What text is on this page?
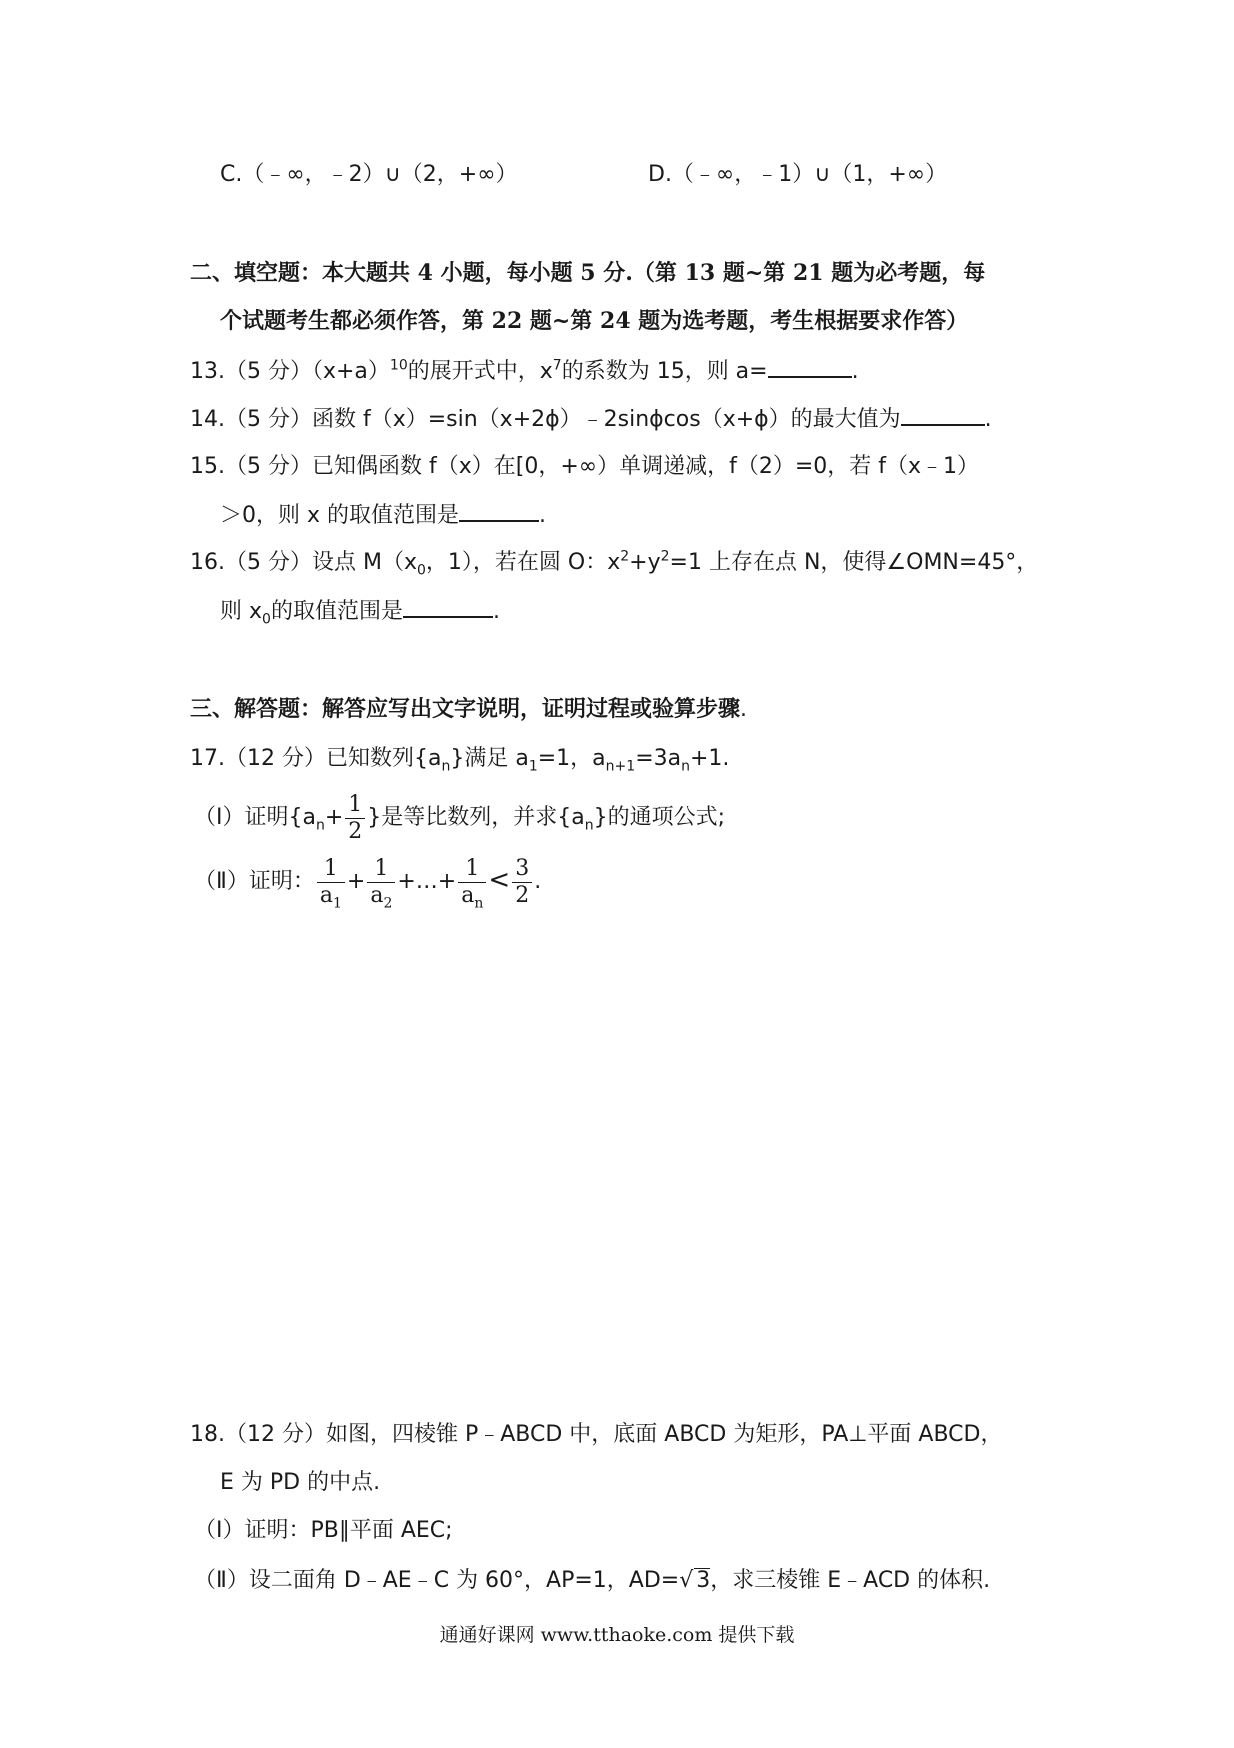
C.（﹣∞，﹣2）∪（2，+∞）	D.（﹣∞，﹣1）∪（1，+∞）
二、填空题：本大题共 4 小题，每小题 5 分.（第 13 题~第 21 题为必考题，每
个试题考生都必须作答，第 22 题~第 24 题为选考题，考生根据要求作答）
13.（5 分）$(x+a)^{10}$的展开式中，$x^7$的系数为 15，则 a=	.
14.（5 分）函数 f（x）=sin（x+2ϕ）﹣2sinϕcos（x+ϕ）的最大值为	.
15.（5 分）已知偶函数 f（x）在[0，+∞）单调递减，f（2）=0，若 f（x﹣1）
＞0，则 x 的取值范围是	.
16.（5 分）设点 $M(x_0$，1），若在圆 O：$x^2+y^2=1$ 上存在点 N，使得∠OMN=45°，
则 $x_0$的取值范围是	.
三、解答题：解答应写出文字说明，证明过程或验算步骤.
17.（12 分）已知数列$\{a_n\}$满足 $a_1=1$，$a_{n+1}=3a_n+1$.
（Ⅰ）证明{$a_n+ \frac{1}{2}$ }是等比数列，并求$\{a_n\}$的通项公式;
（Ⅱ）证明： $\frac{1}{a_1} + \frac{1}{a_2}$ +…+ $\frac{1}{a_n} < \frac{3}{2}$ .
18.（12 分）如图，四棱锥 P﹣ABCD 中，底面 ABCD 为矩形，PA⊥平面 ABCD，
E 为 PD 的中点.
（Ⅰ）证明：PB∥平面 AEC;
（Ⅱ）设二面角 D﹣AE﹣C 为 60°，AP=1，AD=√ 3，求三棱锥 E﹣ACD 的体积.
通通好课网 www.tthaoke.com 提供下载
